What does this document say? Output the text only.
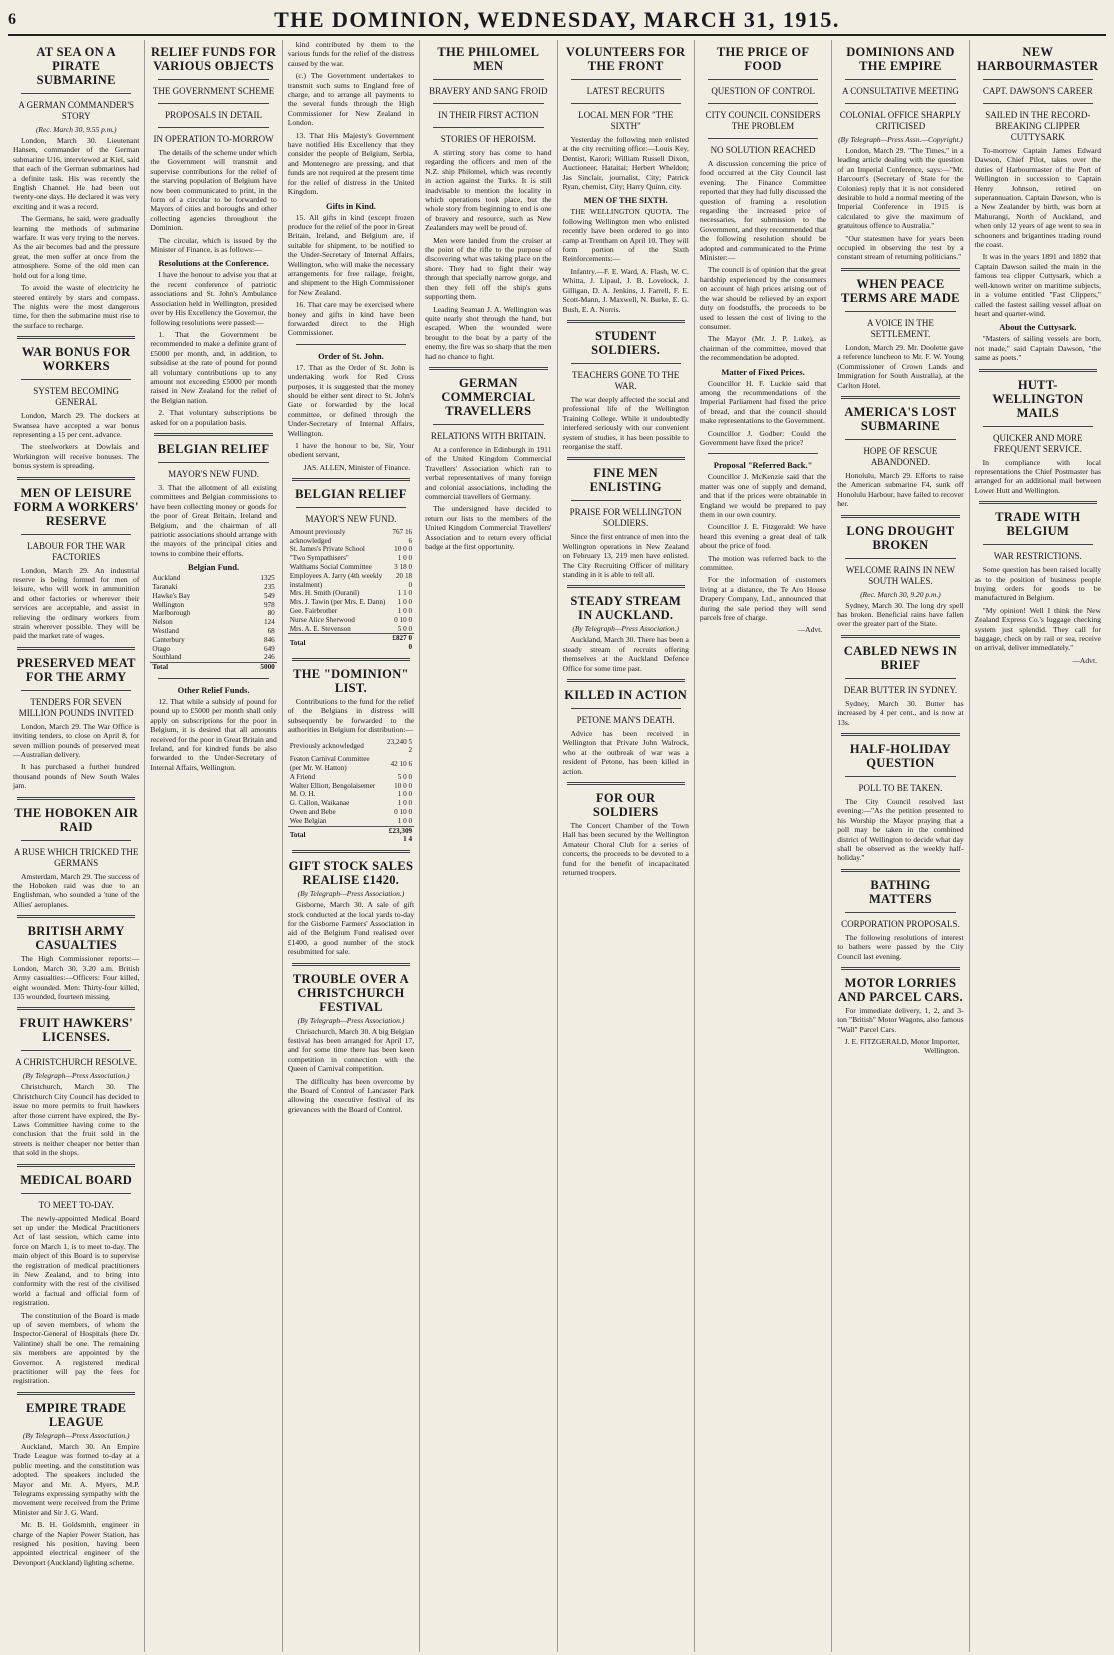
6	THE DOMINION, WEDNESDAY, MARCH 31, 1915.
AT SEA ON A PIRATE SUBMARINE
A GERMAN COMMANDER'S STORY
(Rec. March 30, 9.55 p.m.)

London, March 30. Lieutenant Hansen, commander of the German submarine U16, interviewed at Kiel, said that each of the German submarines had a definite task. His was recently the English Channel. He had been out twenty-one days. He declared it was very exciting and it was a record.

The Germans, he said, were gradually learning the methods of submarine warfare. It was very trying to the nerves. As the air becomes bad and the pressure great, the men suffer at once from the atmosphere. Some of the old men can hold out for a long time.

To avoid the waste of electricity he steered entirely by stars and compass. The nights were the most dangerous time, for then the submarine must rise to the surface to recharge.

WAR BONUS FOR WORKERS
SYSTEM BECOMING GENERAL

London, March 29. The dockers at Swansea have accepted a war bonus representing a 15 per cent. advance.

The steelworkers at Dowlais and Workington will receive bonuses. The bonus system is spreading.

MEN OF LEISURE FORM A WORKERS' RESERVE
LABOUR FOR THE WAR FACTORIES

London, March 29. An industrial reserve is being formed for men of leisure, who will work in ammunition and other factories or wherever their services are acceptable, and assist in relieving the ordinary workers from strain wherever possible. They will be paid the market rate of wages.

PRESERVED MEAT FOR THE ARMY
TENDERS FOR SEVEN MILLION POUNDS INVITED

London, March 29. The War Office is inviting tenders, to close on April 8, for seven million pounds of preserved meat—Australian delivery.

It has purchased a further hundred thousand pounds of New South Wales jam.

THE HOBOKEN AIR RAID
A RUSE WHICH TRICKED THE GERMANS

Amsterdam, March 29. The success of the Hoboken raid was due to an Englishman, who sounded a 'tune of the Allies' aeroplanes.

BRITISH ARMY CASUALTIES

The High Commissioner reports:— London, March 30, 3.20 a.m. British Army casualties:—Officers: Four killed, eight wounded. Men: Thirty-four killed, 135 wounded, fourteen missing.

FRUIT HAWKERS' LICENSES.
A CHRISTCHURCH RESOLVE.
(By Telegraph—Press Association.)

Christchurch, March 30. The Christchurch City Council has decided to issue no more permits to fruit hawkers after those current have expired, the By-Laws Committee having come to the conclusion that the fruit sold in the streets is neither cheaper nor better than that sold in the shops.

MEDICAL BOARD
TO MEET TO-DAY.

The newly-appointed Medical Board set up under the Medical Practitioners Act of last session, which came into force on March 1, is to meet to-day. The main object of this Board is to supervise the registration of medical practitioners in New Zealand, and to bring into conformity with the rest of the civilised world a factual and official form of registration.

The constitution of the Board is made up of seven members, of whom the Inspector-General of Hospitals (here Dr. Valintine) shall be one. The remaining six members are appointed by the Governor. A registered medical practitioner will pay the fees for registration.

EMPIRE TRADE LEAGUE
(By Telegraph—Press Association.)

Auckland, March 30. An Empire Trade League was formed to-day at a public meeting, and the constitution was adopted. The speakers included the Mayor and Mr. A. Myers, M.P. Telegrams expressing sympathy with the movement were received from the Prime Minister and Sir J. G. Ward.

Mr. B. H. Goldsmith, engineer in charge of the Napier Power Station, has resigned his position, having been appointed electrical engineer of the Devonport (Auckland) lighting scheme.

RELIEF FUNDS FOR VARIOUS OBJECTS
THE GOVERNMENT SCHEME
PROPOSALS IN DETAIL
IN OPERATION TO-MORROW

The details of the scheme under which the Government will transmit and supervise contributions for the relief of the starving population of Belgium have now been communicated to print, in the form of a circular to be forwarded to Mayors of cities and boroughs and other collecting agencies throughout the Dominion.

The circular, which is issued by the Minister of Finance, is as follows:—

Resolutions at the Conference.

I have the honour to advise you that at the recent conference of patriotic associations and St. John's Ambulance Association held in Wellington, presided over by His Excellency the Governor, the following resolutions were passed:—

1. That the Government be recommended to make a definite grant of £5000 per month, and, in addition, to subsidise at the rate of pound for pound all voluntary contributions up to any amount not exceeding £5000 per month raised in New Zealand for the relief of the Belgian nation.

2. That voluntary subscriptions be asked for on a population basis.

BELGIAN RELIEF
MAYOR'S NEW FUND.

3. That the allotment of all existing committees and Belgian commissions to have been collecting money or goods for the poor of Great Britain, Ireland and Belgium, and the chairman of all patriotic associations should arrange with the mayors of the principal cities and towns to combine their efforts.

Belgian Fund.
Auckland	1325
Taranaki	235
Hawke's Bay	549
Wellington	978
Marlborough	80
Nelson	124
Westland	68
Canterbury	846
Otago	649
Southland	246
Total	5000
Other Relief Funds.

12. That while a subsidy of pound for pound up to £5000 per month shall only apply on subscriptions for the poor in Belgium, it is desired that all amounts received for the poor in Great Britain and Ireland, and for kindred funds be also forwarded to the Under-Secretary of Internal Affairs, Wellington.

kind contributed by them to the various funds for the relief of the distress caused by the war.

(c.) The Government undertakes to transmit such sums to England free of charge, and to arrange all payments to the several funds through the High Commissioner for New Zealand in London.

13. That His Majesty's Government have notified His Excellency that they consider the people of Belgium, Serbia, and Montenegro are pressing, and that funds are not required at the present time for the relief of distress in the United Kingdom.

Gifts in Kind.

15. All gifts in kind (except frozen produce for the relief of the poor in Great Britain, Ireland, and Belgium are, if suitable for shipment, to be notified to the Under-Secretary of Internal Affairs, Wellington, who will make the necessary arrangements for free railage, freight, and shipment to the High Commissioner for New Zealand.

16. That care may be exercised where honey and gifts in kind have been forwarded direct to the High Commissioner.

Order of St. John.

17. That as the Order of St. John is undertaking work for Red Cross purposes, it is suggested that the money should be either sent direct to St. John's Gate or forwarded by the local committee, or defined through the Under-Secretary of Internal Affairs, Wellington.

I have the honour to be, Sir, Your obedient servant,

JAS. ALLEN, Minister of Finance.
BELGIAN RELIEF
MAYOR'S NEW FUND.
Amount previously acknowledged	767 16 6
St. James's Private School	10 0 0
"Two Sympathisers"	1 0 0
Walthams Social Committee	3 18 0
Employees A. Jarry (4th weekly instalment)	20 18 0
Mrs. H. Smith (Ouranil)	1 1 0
Mrs. J. Tawin (per Mrs. E. Dann)	1 0 0
Gee. Fairbrother	1 0 0
Nurse Alice Sherwood	0 10 0
Mrs. A. E. Stevenson	5 0 0
Total	£827 0 0
THE "DOMINION" LIST.

Contributions to the fund for the relief of the Belgians in distress will subsequently be forwarded to the authorities in Belgium for distribution:—

Previously acknowledged	23,240 5 2
Featon Carnival Committee (per Mr. W. Hatton)	42 10 6
A Friend	5 0 0
Walter Elliott, Bengolaisemer	10 0 0
M. O. H.	1 0 0
G. Callon, Waikanae	1 0 0
Owen and Bebe	0 10 0
Wee Belgian	1 0 0
Total	£23,309 1 4
GIFT STOCK SALES REALISE £1420.
(By Telegraph—Press Association.)

Gisborne, March 30. A sale of gift stock conducted at the local yards to-day for the Gisborne Farmers' Association in aid of the Belgium Fund realised over £1400, a good number of the stock resubmitted for sale.

TROUBLE OVER A CHRISTCHURCH FESTIVAL
(By Telegraph—Press Association.)

Christchurch, March 30. A big Belgian festival has been arranged for April 17, and for some time there has been keen competition in connection with the Queen of Carnival competition.

The difficulty has been overcome by the Board of Control of Lancaster Park allowing the executive festival of its grievances with the Board of Control.

THE PHILOMEL MEN
BRAVERY AND SANG FROID
IN THEIR FIRST ACTION
STORIES OF HEROISM.

A stirring story has come to hand regarding the officers and men of the N.Z. ship Philomel, which was recently in action against the Turks. It is still inadvisable to mention the locality in which operations took place, but the whole story from beginning to end is one of bravery and resource, such as New Zealanders may well be proud of.

Men were landed from the cruiser at the point of the rifle to the purpose of discovering what was taking place on the shore. They had to fight their way through that specially narrow gorge, and then they fell off the ship's guns supporting them.

Leading Seaman J. A. Wellington was quite nearly shot through the hand, but escaped. When the wounded were brought to the boat by a party of the enemy, the fire was so sharp that the men had no chance to fight.

GERMAN COMMERCIAL TRAVELLERS
RELATIONS WITH BRITAIN.

At a conference in Edinburgh in 1911 of the United Kingdom Commercial Travellers' Association which ran to verbal representatives of many foreign and colonial associations, including the commercial travellers of Germany.

The undersigned have decided to return our lists to the members of the United Kingdom Commercial Travellers' Association and to return every official badge at the first opportunity.

VOLUNTEERS FOR THE FRONT
LATEST RECRUITS
LOCAL MEN FOR "THE SIXTH"

Yesterday the following men enlisted at the city recruiting office:—Louis Key, Dentist, Karori; William Russell Dixon, Auctioneer, Hataitai; Herbert Wheldon; Jas Sinclair, journalist, City; Patrick Ryan, chemist, City; Harry Quinn, city.

MEN OF THE SIXTH.

THE WELLINGTON QUOTA. The following Wellington men who enlisted recently have been ordered to go into camp at Trentham on April 10. They will form portion of the Sixth Reinforcements:—

Infantry.—F. E. Ward, A. Flash, W. C. Whitta, J. Lipaul, J. B. Lovelock, J. Gilligan, D. A. Jenkins, J. Farrell, F. E. Scott-Mann, J. Maxwell, N. Burke, E. G. Bush, E. A. Norris.

STUDENT SOLDIERS.
TEACHERS GONE TO THE WAR.

The war deeply affected the social and professional life of the Wellington Training College. While it undoubtedly interfered seriously with our convenient system of studies, it has been possible to reorganise the staff.

FINE MEN ENLISTING
PRAISE FOR WELLINGTON SOLDIERS.

Since the first entrance of men into the Wellington operations in New Zealand on February 13, 219 men have enlisted. The City Recruiting Officer of military standing in it is able to tell all.

STEADY STREAM IN AUCKLAND.
(By Telegraph—Press Association.)

Auckland, March 30. There has been a steady stream of recruits offering themselves at the Auckland Defence Office for some time past.

KILLED IN ACTION
PETONE MAN'S DEATH.

Advice has been received in Wellington that Private John Walrock, who at the outbreak of war was a resident of Petone, has been killed in action.

FOR OUR SOLDIERS

The Concert Chamber of the Town Hall has been secured by the Wellington Amateur Choral Club for a series of concerts, the proceeds to be devoted to a fund for the benefit of incapacitated returned troopers.

THE PRICE OF FOOD
QUESTION OF CONTROL
CITY COUNCIL CONSIDERS THE PROBLEM
NO SOLUTION REACHED

A discussion concerning the price of food occurred at the City Council last evening. The Finance Committee reported that they had fully discussed the question of framing a resolution regarding the increased price of necessaries, for submission to the Government, and they recommended that the following resolution should be adopted and communicated to the Prime Minister:—

The council is of opinion that the great hardship experienced by the consumers on account of high prices arising out of the war should be relieved by an export duty on foodstuffs, the proceeds to be used to lessen the cost of living to the consumer.

The Mayor (Mr. J. P. Luke), as chairman of the committee, moved that the recommendation be adopted.

Matter of Fixed Prices.

Councillor H. F. Luckie said that among the recommendations of the Imperial Parliament had fixed the price of bread, and that the council should make representations to the Government.

Councillor J. Godber: Could the Government have fixed the price?

Proposal "Referred Back."

Councillor J. McKenzie said that the matter was one of supply and demand, and that if the prices were obtainable in England we would be prepared to pay them in our own country.

Councillor J. E. Fitzgerald: We have heard this evening a great deal of talk about the price of food.

The motion was referred back to the committee.

For the information of customers living at a distance, the Te Aro House Drapery Company, Ltd., announced that during the sale period they will send parcels free of charge.

—Advt.
DOMINIONS AND THE EMPIRE
A CONSULTATIVE MEETING
COLONIAL OFFICE SHARPLY CRITICISED
(By Telegraph—Press Assn.—Copyright.)

London, March 29. "The Times," in a leading article dealing with the question of an Imperial Conference, says:—"Mr. Harcourt's (Secretary of State for the Colonies) reply that it is not considered desirable to hold a normal meeting of the Imperial Conference in 1915 is calculated to give the maximum of gratuitous offence to Australia."

"Our statesmen have for years been occupied in observing the test by a constant stream of returning politicians."

WHEN PEACE TERMS ARE MADE
A VOICE IN THE SETTLEMENT.

London, March 29. Mr. Doolette gave a reference luncheon to Mr. F. W. Young (Commissioner of Crown Lands and Immigration for South Australia), at the Carlton Hotel.

AMERICA'S LOST SUBMARINE
HOPE OF RESCUE ABANDONED.

Honolulu, March 29. Efforts to raise the American submarine F4, sunk off Honolulu Harbour, have failed to recover her.

LONG DROUGHT BROKEN
WELCOME RAINS IN NEW SOUTH WALES.
(Rec. March 30, 9.20 p.m.)

Sydney, March 30. The long dry spell has broken. Beneficial rains have fallen over the greater part of the State.

CABLED NEWS IN BRIEF
DEAR BUTTER IN SYDNEY.

Sydney, March 30. Butter has increased by 4 per cent., and is now at 13s.

HALF-HOLIDAY QUESTION
POLL TO BE TAKEN.

The City Council resolved last evening:—"As the petition presented to his Worship the Mayor praying that a poll may be taken in the combined district of Wellington to decide what day shall be observed as the weekly half-holiday."

BATHING MATTERS
CORPORATION PROPOSALS.

The following resolutions of interest to bathers were passed by the City Council last evening.

MOTOR LORRIES AND PARCEL CARS.

For immediate delivery, 1, 2, and 3-ton "British" Motor Wagons, also famous "Wall" Parcel Cars.

J. E. FITZGERALD, Motor Importer, Wellington.
NEW HARBOURMASTER
CAPT. DAWSON'S CAREER
SAILED IN THE RECORD-BREAKING CLIPPER CUTTYSARK

To-morrow Captain James Edward Dawson, Chief Pilot, takes over the duties of Harbourmaster of the Port of Wellington in succession to Captain Henry Johnson, retired on superannuation. Captain Dawson, who is a New Zealander by birth, was born at Mahurangi, North of Auckland, and when only 12 years of age went to sea in schooners and brigantines trading round the coast.

It was in the years 1891 and 1892 that Captain Dawson sailed the main in the famous tea clipper Cuttysark, which a well-known writer on maritime subjects, in a volume entitled "Fast Clippers," called the fastest sailing vessel afloat on heart and quarter-wind.

About the Cuttysark.

"Masters of sailing vessels are born, not made," said Captain Dawson, "the same as poets."

HUTT-WELLINGTON MAILS
QUICKER AND MORE FREQUENT SERVICE.

In compliance with local representations the Chief Postmaster has arranged for an additional mail between Lower Hutt and Wellington.

TRADE WITH BELGIUM
WAR RESTRICTIONS.

Some question has been raised locally as to the position of business people buying orders for goods to be manufactured in Belgium.

"My opinion! Well I think the New Zealand Express Co.'s luggage checking system just splendid. They call for baggage, check on by rail or sea, receive on arrival, deliver immediately."

—Advt.
